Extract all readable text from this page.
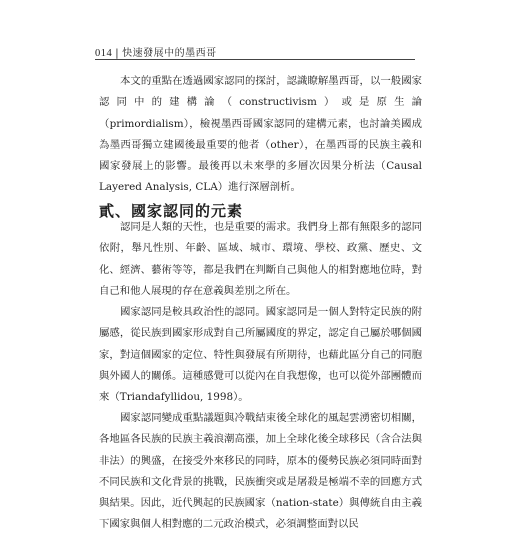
014 | 快速發展中的墨西哥

本文的重點在透過國家認同的探討，認識瞭解墨西哥，以一般國家認同中的建構論（constructivism）或是原生論（primordialism），檢視墨西哥國家認同的建構元素，也討論美國成為墨西哥獨立建國後最重要的他者（other），在墨西哥的民族主義和國家發展上的影響。最後再以未來學的多層次因果分析法（Causal Layered Analysis, CLA）進行深層剖析。

貳、國家認同的元素

認同是人類的天性，也是重要的需求。我們身上都有無限多的認同依附，舉凡性別、年齡、區域、城市、環境、學校、政黨、歷史、文化、經濟、藝術等等，都是我們在判斷自己與他人的相對應地位時，對自己和他人展現的存在意義與差別之所在。

國家認同是較具政治性的認同。國家認同是一個人對特定民族的附屬感，從民族到國家形成對自己所屬國度的界定，認定自己屬於哪個國家，對這個國家的定位、特性與發展有所期待，也藉此區分自己的同胞與外國人的關係。這種感覺可以從內在自我想像，也可以從外部團體而來（Triandafyllidou, 1998）。

國家認同變成重點議題與冷戰結束後全球化的風起雲湧密切相關，各地區各民族的民族主義浪潮高漲，加上全球化後全球移民（含合法與非法）的興盛，在接受外來移民的同時，原本的優勢民族必須同時面對不同民族和文化背景的挑戰，民族衝突或是屠殺是極端不幸的回應方式與結果。因此，近代興起的民族國家（nation-state）與傳統自由主義下國家與個人相對應的二元政治模式，必須調整面對以民
